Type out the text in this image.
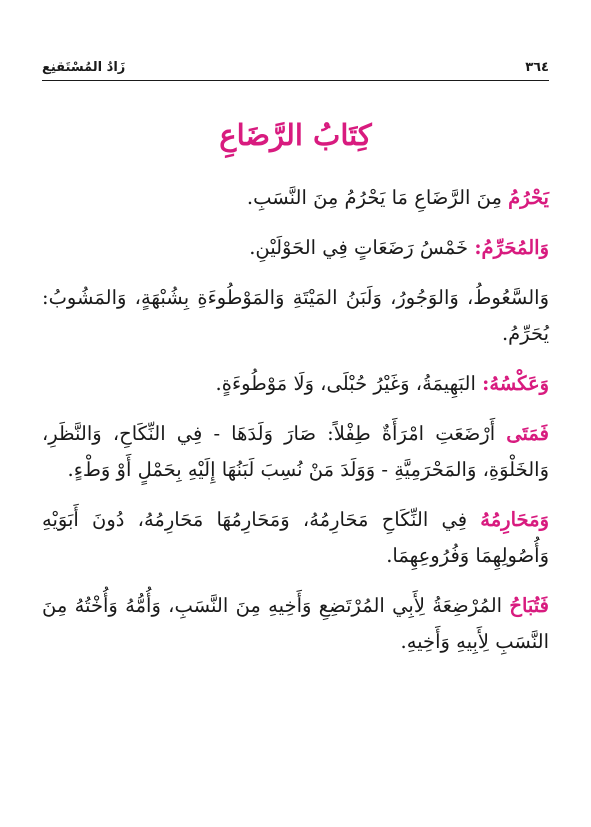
٣٦٤
زَادُ المُسْتَقنِع
كِتَابُ الرَّضَاعِ

يَحْرُمُ مِنَ الرَّضَاعِ مَا يَحْرُمُ مِنَ النَّسَبِ.

وَالمُحَرِّمُ: خَمْسُ رَضَعَاتٍ فِي الحَوْلَيْنِ.

وَالسَّعُوطُ، وَالوَجُورُ، وَلَبَنُ المَيْتَةِ وَالمَوْطُوءَةِ بِشُبْهَةٍ، وَالمَشُوبُ: يُحَرِّمُ.

وَعَكْسُهُ: البَهِيمَةُ، وَغَيْرُ حُبْلَى، وَلَا مَوْطُوءَةٍ.

فَمَتَى أَرْضَعَتِ امْرَأَةٌ طِفْلاً: صَارَ وَلَدَهَا - فِي النِّكَاحِ، وَالنَّظَرِ، وَالخَلْوَةِ، وَالمَحْرَمِيَّةِ - وَوَلَدَ مَنْ نُسِبَ لَبَنُهَا إِلَيْهِ بِحَمْلٍ أَوْ وَطْءٍ.

وَمَحَارِمُهُ فِي النِّكَاحِ مَحَارِمُهُ، وَمَحَارِمُهَا مَحَارِمُهُ، دُونَ أَبَوَيْهِ وَأُصُولِهِمَا وَفُرُوعِهِمَا.

فَتُبَاحُ المُرْضِعَةُ لِأَبِي المُرْتَضِعِ وَأَخِيهِ مِنَ النَّسَبِ، وَأُمُّهُ وَأُخْتُهُ مِنَ النَّسَبِ لِأَبِيهِ وَأَخِيهِ.
